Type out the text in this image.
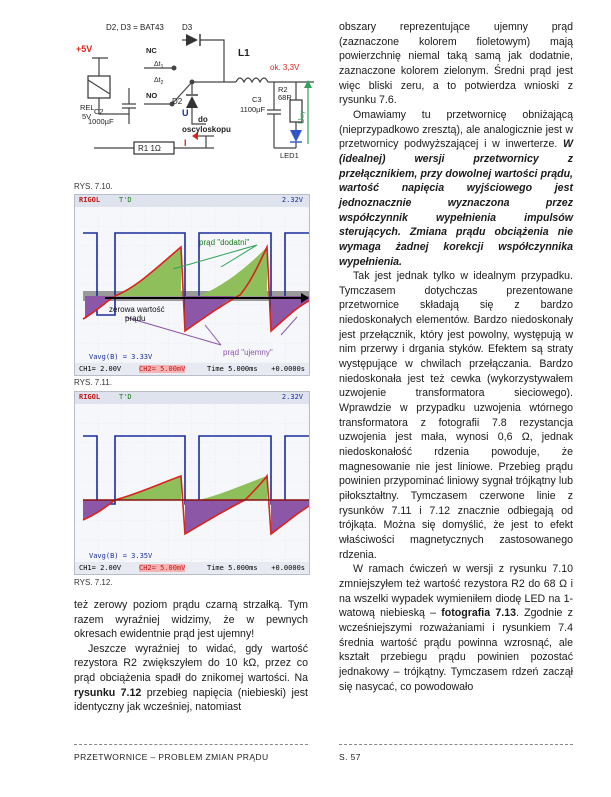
D2, D3 = BAT43 D3
+5V	NC
NO
$\Delta t_1$
$\Delta t_2$
D2
L1
ok. 3,3V
REL
5V
C2
1000µF
C3
1100µF
R2
68R
R1 1Ω
U
do
oscyloskopu
I
LED1
Uwy
RYS. 7.10.
RIGOL	T'D	2.32V
prąd "dodatni"
zerowa wartość
prądu
prąd "ujemny"
Vavg(B) = 3.33V
CH1= 2.00V	CH2= 5.00mV	Time 5.000ms +0.0000s
RYS. 7.11.
RIGOL	T'D	2.32V
Vavg(B) = 3.35V
CH1= 2.00V	CH2= 5.00mV	Time 5.000ms +0.0000s
RYS. 7.12.

też zerowy poziom prądu czarną strzałką. Tym razem wyraźniej widzimy, że w pewnych okresach ewidentnie prąd jest ujemny!

Jeszcze wyraźniej to widać, gdy wartość rezystora R2 zwiększyłem do 10 kΩ, przez co prąd obciążenia spadł do znikomej wartości. Na rysunku 7.12 przebieg napięcia (niebieski) jest identyczny jak wcześniej, natomiast

obszary reprezentujące ujemny prąd (zaznaczone kolorem fioletowym) mają powierzchnię niemal taką samą jak dodatnie, zaznaczone kolorem zielonym. Średni prąd jest więc bliski zeru, a to potwierdza wnioski z rysunku 7.6.

Omawiamy tu przetwornicę obniżającą (nieprzypadkowo zresztą), ale analogicznie jest w przetwornicy podwyższającej i w inwerterze. W (idealnej) wersji przetwornicy z przełącznikiem, przy dowolnej wartości prądu, wartość napięcia wyjściowego jest jednoznacznie wyznaczona przez współczynnik wypełnienia impulsów sterujących. Zmiana prądu obciążenia nie wymaga żadnej korekcji współczynnika wypełnienia.

Tak jest jednak tylko w idealnym przypadku. Tymczasem dotychczas prezentowane przetwornice składają się z bardzo niedoskonałych elementów. Bardzo niedoskonały jest przełącznik, który jest powolny, występują w nim przerwy i drgania styków. Efektem są straty występujące w chwilach przełączania. Bardzo niedoskonała jest też cewka (wykorzystywałem uzwojenie transformatora sieciowego). Wprawdzie w przypadku uzwojenia wtórnego transformatora z fotografii 7.8 rezystancja uzwojenia jest mała, wynosi 0,6 Ω, jednak niedoskonałość rdzenia powoduje, że magnesowanie nie jest liniowe. Przebieg prądu powinien przypominać liniowy sygnał trójkątny lub piłokształtny. Tymczasem czerwone linie z rysunków 7.11 i 7.12 znacznie odbiegają od trójkąta. Można się domyślić, że jest to efekt właściwości magnetycznych zastosowanego rdzenia.

W ramach ćwiczeń w wersji z rysunku 7.10 zmniejszyłem też wartość rezystora R2 do 68 Ω i na wszelki wypadek wymieniłem diodę LED na 1-watową niebieską – fotografia 7.13. Zgodnie z wcześniejszymi rozważaniami i rysunkiem 7.4 średnia wartość prądu powinna wzrosnąć, ale kształt przebiegu prądu powinien pozostać jednakowy – trójkątny. Tymczasem rdzeń zaczął się nasycać, co powodowało

PRZETWORNICE – PROBLEM ZMIAN PRĄDU	S. 57
